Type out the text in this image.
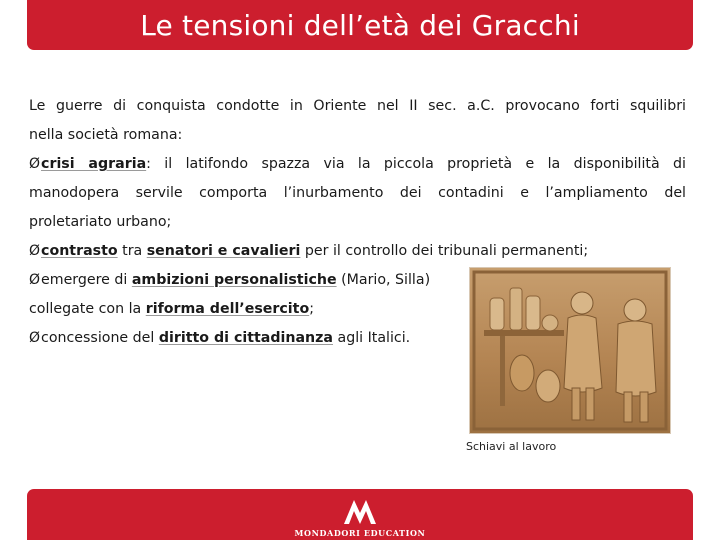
Le tensioni dell’età dei Gracchi

Le guerre di conquista condotte in Oriente nel II sec. a.C. provocano forti squilibri

nella società romana:

Øcrisi agraria: il latifondo spazza via la piccola proprietà e la disponibilità di

manodopera servile comporta l’inurbamento dei contadini e l’ampliamento del

proletariato urbano;

Øcontrasto tra senatori e cavalieri per il controllo dei tribunali permanenti;

Øemergere di ambizioni personalistiche (Mario, Silla)

collegate con la riforma dell’esercito;

Øconcessione del diritto di cittadinanza agli Italici.

Schiavi al lavoro
MONDADORI EDUCATION
